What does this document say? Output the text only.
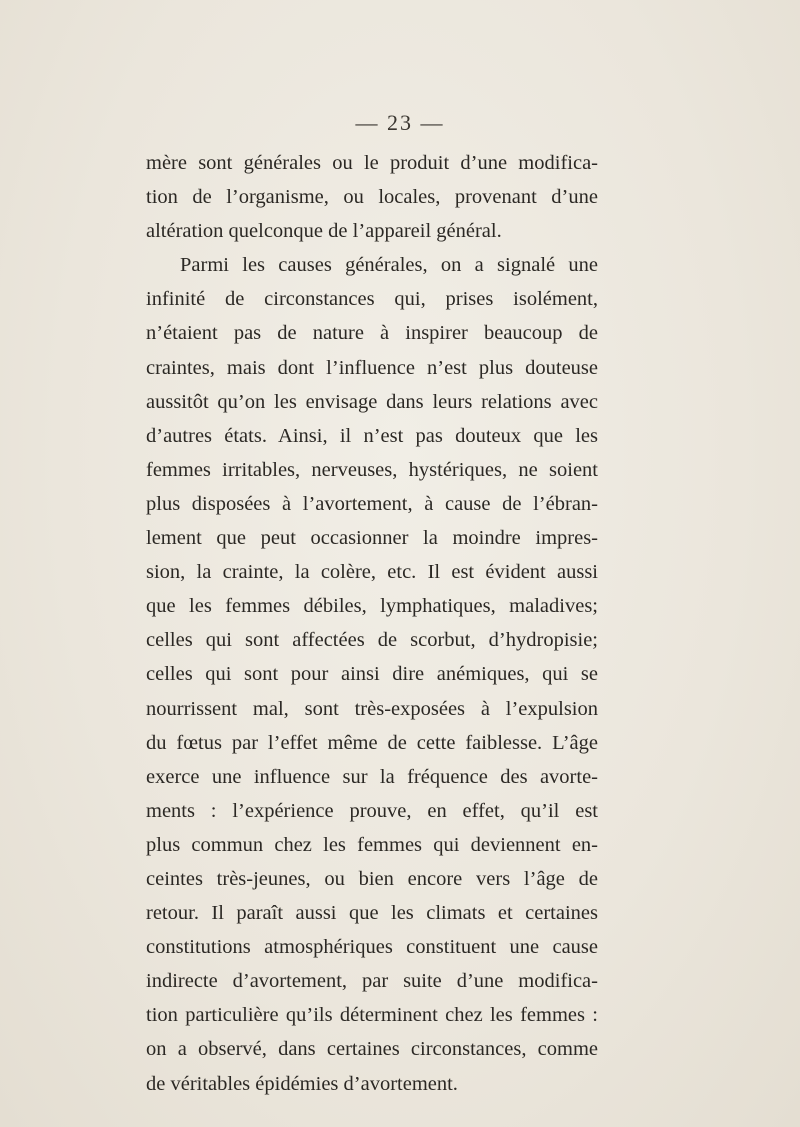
— 23 —
mère sont générales ou le produit d’une modifica-
tion de l’organisme, ou locales, provenant d’une
altération quelconque de l’appareil général.
Parmi les causes générales, on a signalé une
infinité de circonstances qui, prises isolément,
n’étaient pas de nature à inspirer beaucoup de
craintes, mais dont l’influence n’est plus douteuse
aussitôt qu’on les envisage dans leurs relations avec
d’autres états. Ainsi, il n’est pas douteux que les
femmes irritables, nerveuses, hystériques, ne soient
plus disposées à l’avortement, à cause de l’ébran-
lement que peut occasionner la moindre impres-
sion, la crainte, la colère, etc. Il est évident aussi
que les femmes débiles, lymphatiques, maladives;
celles qui sont affectées de scorbut, d’hydropisie;
celles qui sont pour ainsi dire anémiques, qui se
nourrissent mal, sont très-exposées à l’expulsion
du fœtus par l’effet même de cette faiblesse. L’âge
exerce une influence sur la fréquence des avorte-
ments : l’expérience prouve, en effet, qu’il est
plus commun chez les femmes qui deviennent en-
ceintes très-jeunes, ou bien encore vers l’âge de
retour. Il paraît aussi que les climats et certaines
constitutions atmosphériques constituent une cause
indirecte d’avortement, par suite d’une modifica-
tion particulière qu’ils déterminent chez les femmes :
on a observé, dans certaines circonstances, comme
de véritables épidémies d’avortement.
